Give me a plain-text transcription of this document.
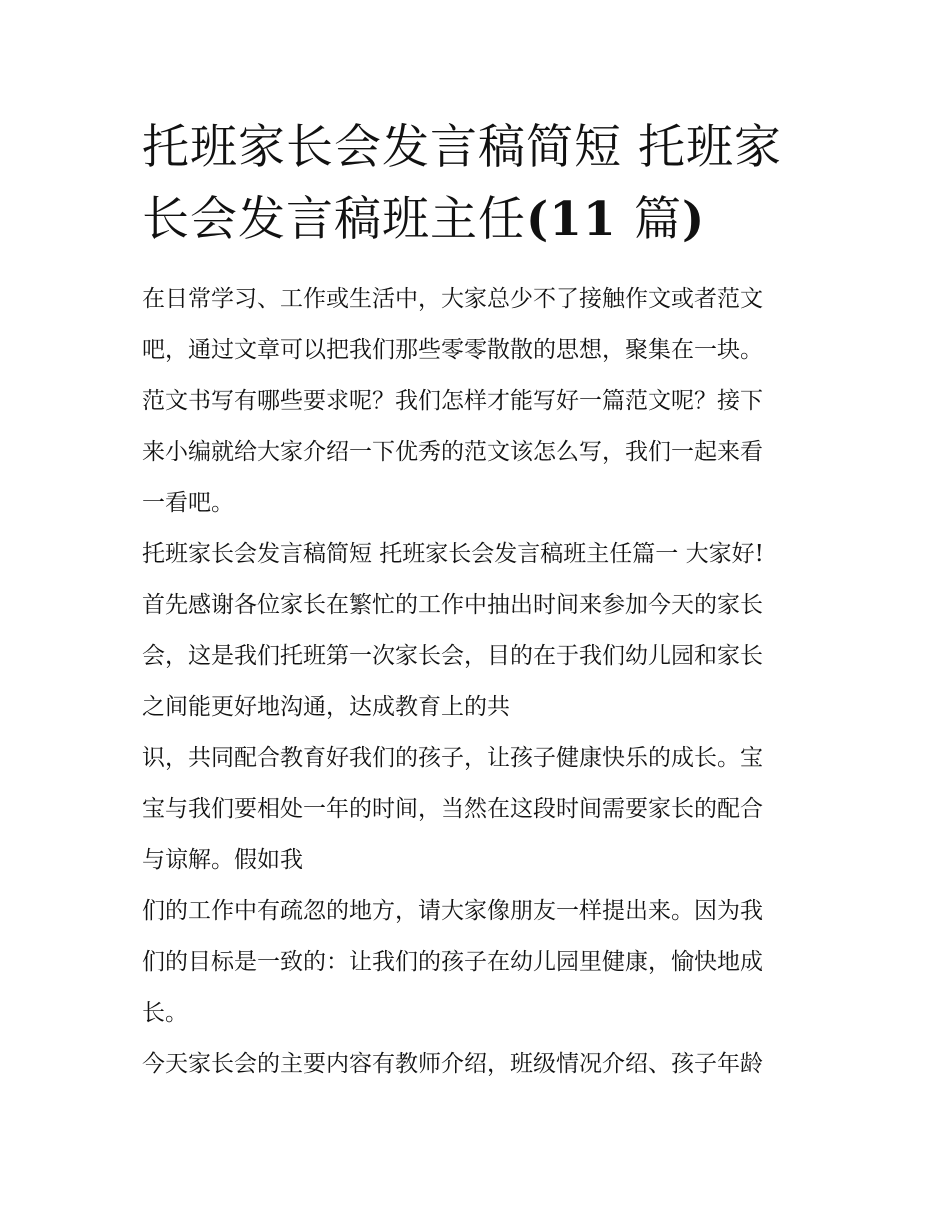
托班家长会发言稿简短 托班家
长会发言稿班主任(11 篇)

在日常学习、工作或生活中，大家总少不了接触作文或者范文
吧，通过文章可以把我们那些零零散散的思想，聚集在一块。
范文书写有哪些要求呢？我们怎样才能写好一篇范文呢？接下
来小编就给大家介绍一下优秀的范文该怎么写，我们一起来看
一看吧。

托班家长会发言稿简短 托班家长会发言稿班主任篇一 大家好!
首先感谢各位家长在繁忙的工作中抽出时间来参加今天的家长
会，这是我们托班第一次家长会，目的在于我们幼儿园和家长
之间能更好地沟通，达成教育上的共

识，共同配合教育好我们的孩子，让孩子健康快乐的成长。宝
宝与我们要相处一年的时间，当然在这段时间需要家长的配合
与谅解。假如我

们的工作中有疏忽的地方，请大家像朋友一样提出来。因为我
们的目标是一致的：让我们的孩子在幼儿园里健康，愉快地成
长。

今天家长会的主要内容有教师介绍，班级情况介绍、孩子年龄
